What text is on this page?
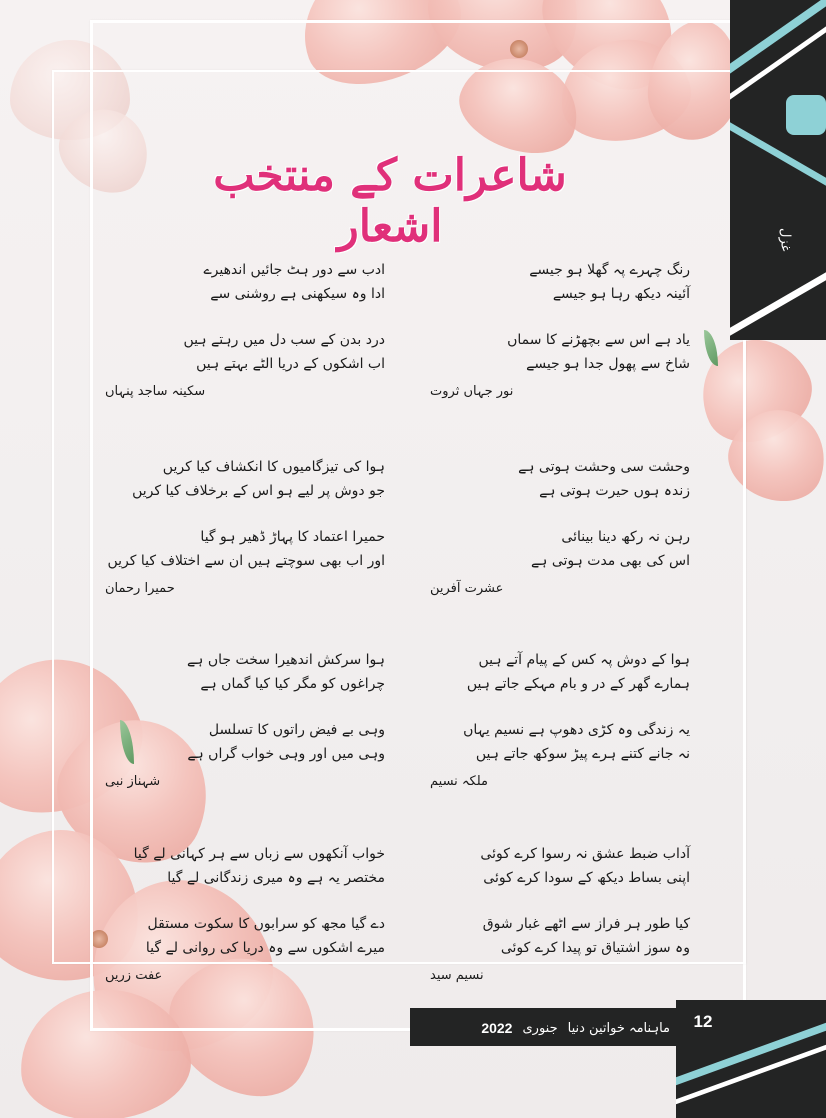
غزل
شاعرات کے منتخب اشعار
رنگ چہرے پہ گھلا ہو جیسے
آئینہ دیکھ رہا ہو جیسے
یاد ہے اس سے بچھڑنے کا سماں
شاخ سے پھول جدا ہو جیسے
نور جہاں ثروت
ادب سے دور ہٹ جائیں اندھیرے
ادا وہ سیکھنی ہے روشنی سے
درد بدن کے سب دل میں رہتے ہیں
اب اشکوں کے دریا الٹے بہتے ہیں
سکینہ ساجد پنہاں
وحشت سی وحشت ہوتی ہے
زندہ ہوں حیرت ہوتی ہے
رہن نہ رکھ دینا بینائی
اس کی بھی مدت ہوتی ہے
عشرت آفرین
ہوا کی تیزگامیوں کا انکشاف کیا کریں
جو دوش پر لیے ہو اس کے برخلاف کیا کریں
حمیرا اعتماد کا پہاڑ ڈھیر ہو گیا
اور اب بھی سوچتے ہیں ان سے اختلاف کیا کریں
حمیرا رحمان
ہوا کے دوش پہ کس کے پیام آتے ہیں
ہمارے گھر کے در و بام مہکے جاتے ہیں
یہ زندگی وہ کڑی دھوپ ہے نسیم یہاں
نہ جانے کتنے ہرے پیڑ سوکھ جاتے ہیں
ملکہ نسیم
ہوا سرکش اندھیرا سخت جاں ہے
چراغوں کو مگر کیا کیا گماں ہے
وہی بے فیض راتوں کا تسلسل
وہی میں اور وہی خواب گراں ہے
شہناز نبی
آداب ضبط عشق نہ رسوا کرے کوئی
اپنی بساط دیکھ کے سودا کرے کوئی
کیا طور ہر فراز سے اٹھے غبار شوق
وہ سوز اشتیاق تو پیدا کرے کوئی
نسیم سید
خواب آنکھوں سے زباں سے ہر کہانی لے گیا
مختصر یہ ہے وہ میری زندگانی لے گیا
دے گیا مجھ کو سرابوں کا سکوت مستقل
میرے اشکوں سے وہ دریا کی روانی لے گیا
عفت زریں
ماہنامہ خواتین دنیا
جنوری
2022	12
